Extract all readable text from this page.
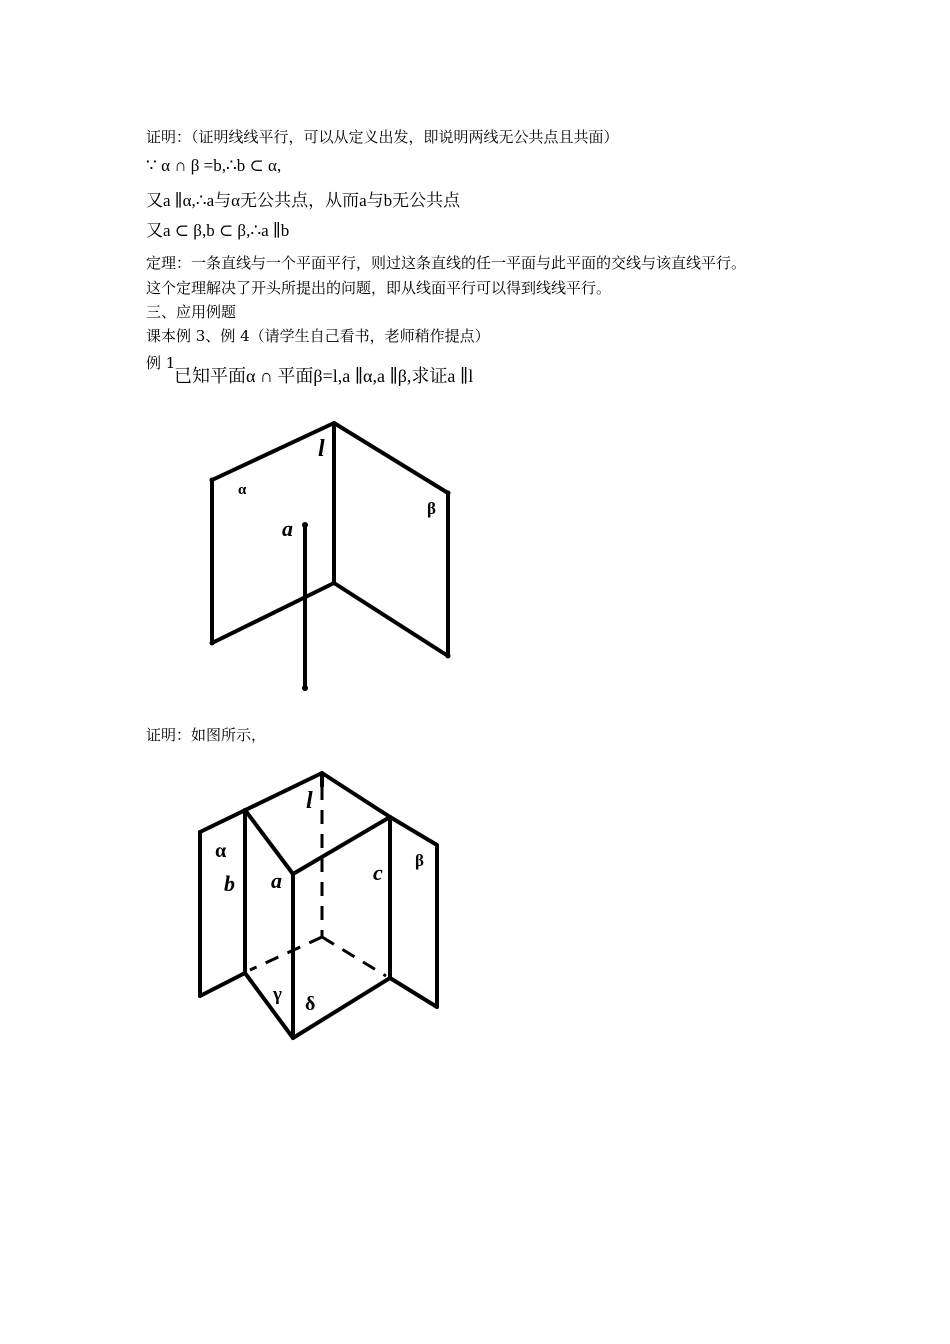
证明：（证明线线平行，可以从定义出发，即说明两线无公共点且共面）
∵ α ∩ β =b,∴b ⊂ α,
又a ∥α,∴a与α无公共点，从而a与b无公共点
又a ⊂ β,b ⊂ β,∴a ∥b
定理：一条直线与一个平面平行，则过这条直线的任一平面与此平面的交线与该直线平行。
这个定理解决了开头所提出的问题，即从线面平行可以得到线线平行。
三、应用例题
课本例 3、例 4（请学生自己看书，老师稍作提点）
例 1
已知平面α ∩ 平面β=l,a ∥α,a ∥β,求证a ∥l
l
α
β
a
证明：如图所示，
l
α	β
b a	c
γ δ
